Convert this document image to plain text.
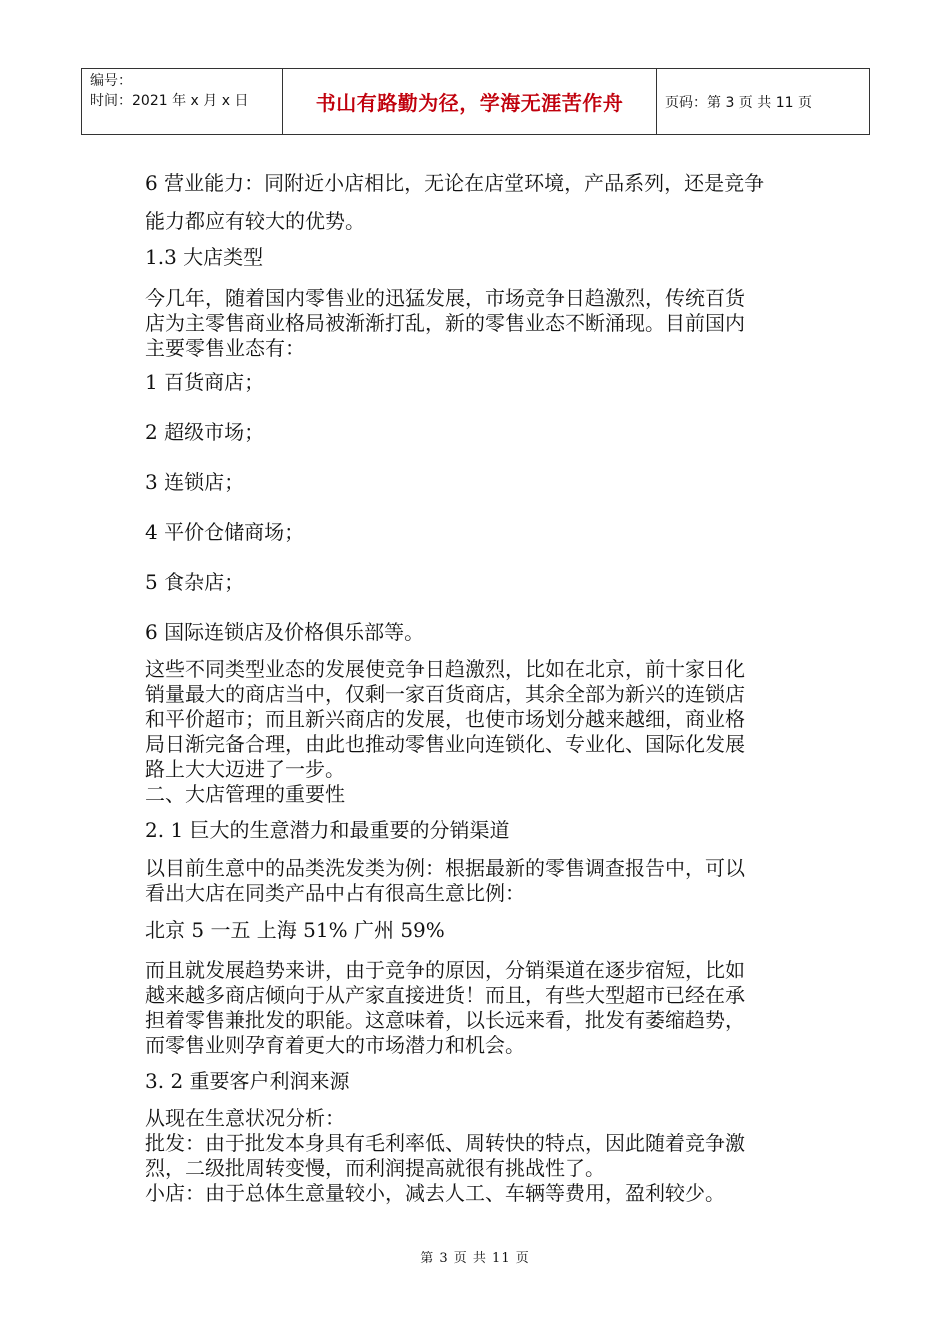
编号：
时间：2021 年 x 月 x 日	书山有路勤为径，学海无涯苦作舟	页码：第 3 页 共 11 页
6 营业能力：同附近小店相比，无论在店堂环境，产品系列，还是竞争
能力都应有较大的优势。
1.3 大店类型
今几年，随着国内零售业的迅猛发展，市场竞争日趋激烈，传统百货
店为主零售商业格局被渐渐打乱，新的零售业态不断涌现。目前国内
主要零售业态有：
1 百货商店；
2 超级市场；
3 连锁店；
4 平价仓储商场；
5 食杂店；
6 国际连锁店及价格俱乐部等。
这些不同类型业态的发展使竞争日趋激烈，比如在北京，前十家日化
销量最大的商店当中，仅剩一家百货商店，其余全部为新兴的连锁店
和平价超市；而且新兴商店的发展，也使市场划分越来越细，商业格
局日渐完备合理，由此也推动零售业向连锁化、专业化、国际化发展
路上大大迈进了一步。
二、大店管理的重要性
2. 1 巨大的生意潜力和最重要的分销渠道
以目前生意中的品类洗发类为例：根据最新的零售调查报告中，可以
看出大店在同类产品中占有很高生意比例：
北京 5 一五 上海 51% 广州 59%
而且就发展趋势来讲，由于竞争的原因，分销渠道在逐步宿短，比如
越来越多商店倾向于从产家直接进货！而且，有些大型超市已经在承
担着零售兼批发的职能。这意味着，以长远来看，批发有萎缩趋势，
而零售业则孕育着更大的市场潜力和机会。
3. 2 重要客户利润来源
从现在生意状况分析：
批发：由于批发本身具有毛利率低、周转快的特点，因此随着竞争激
烈，二级批周转变慢，而利润提高就很有挑战性了。
小店：由于总体生意量较小，减去人工、车辆等费用，盈利较少。
第 3 页 共 11 页
